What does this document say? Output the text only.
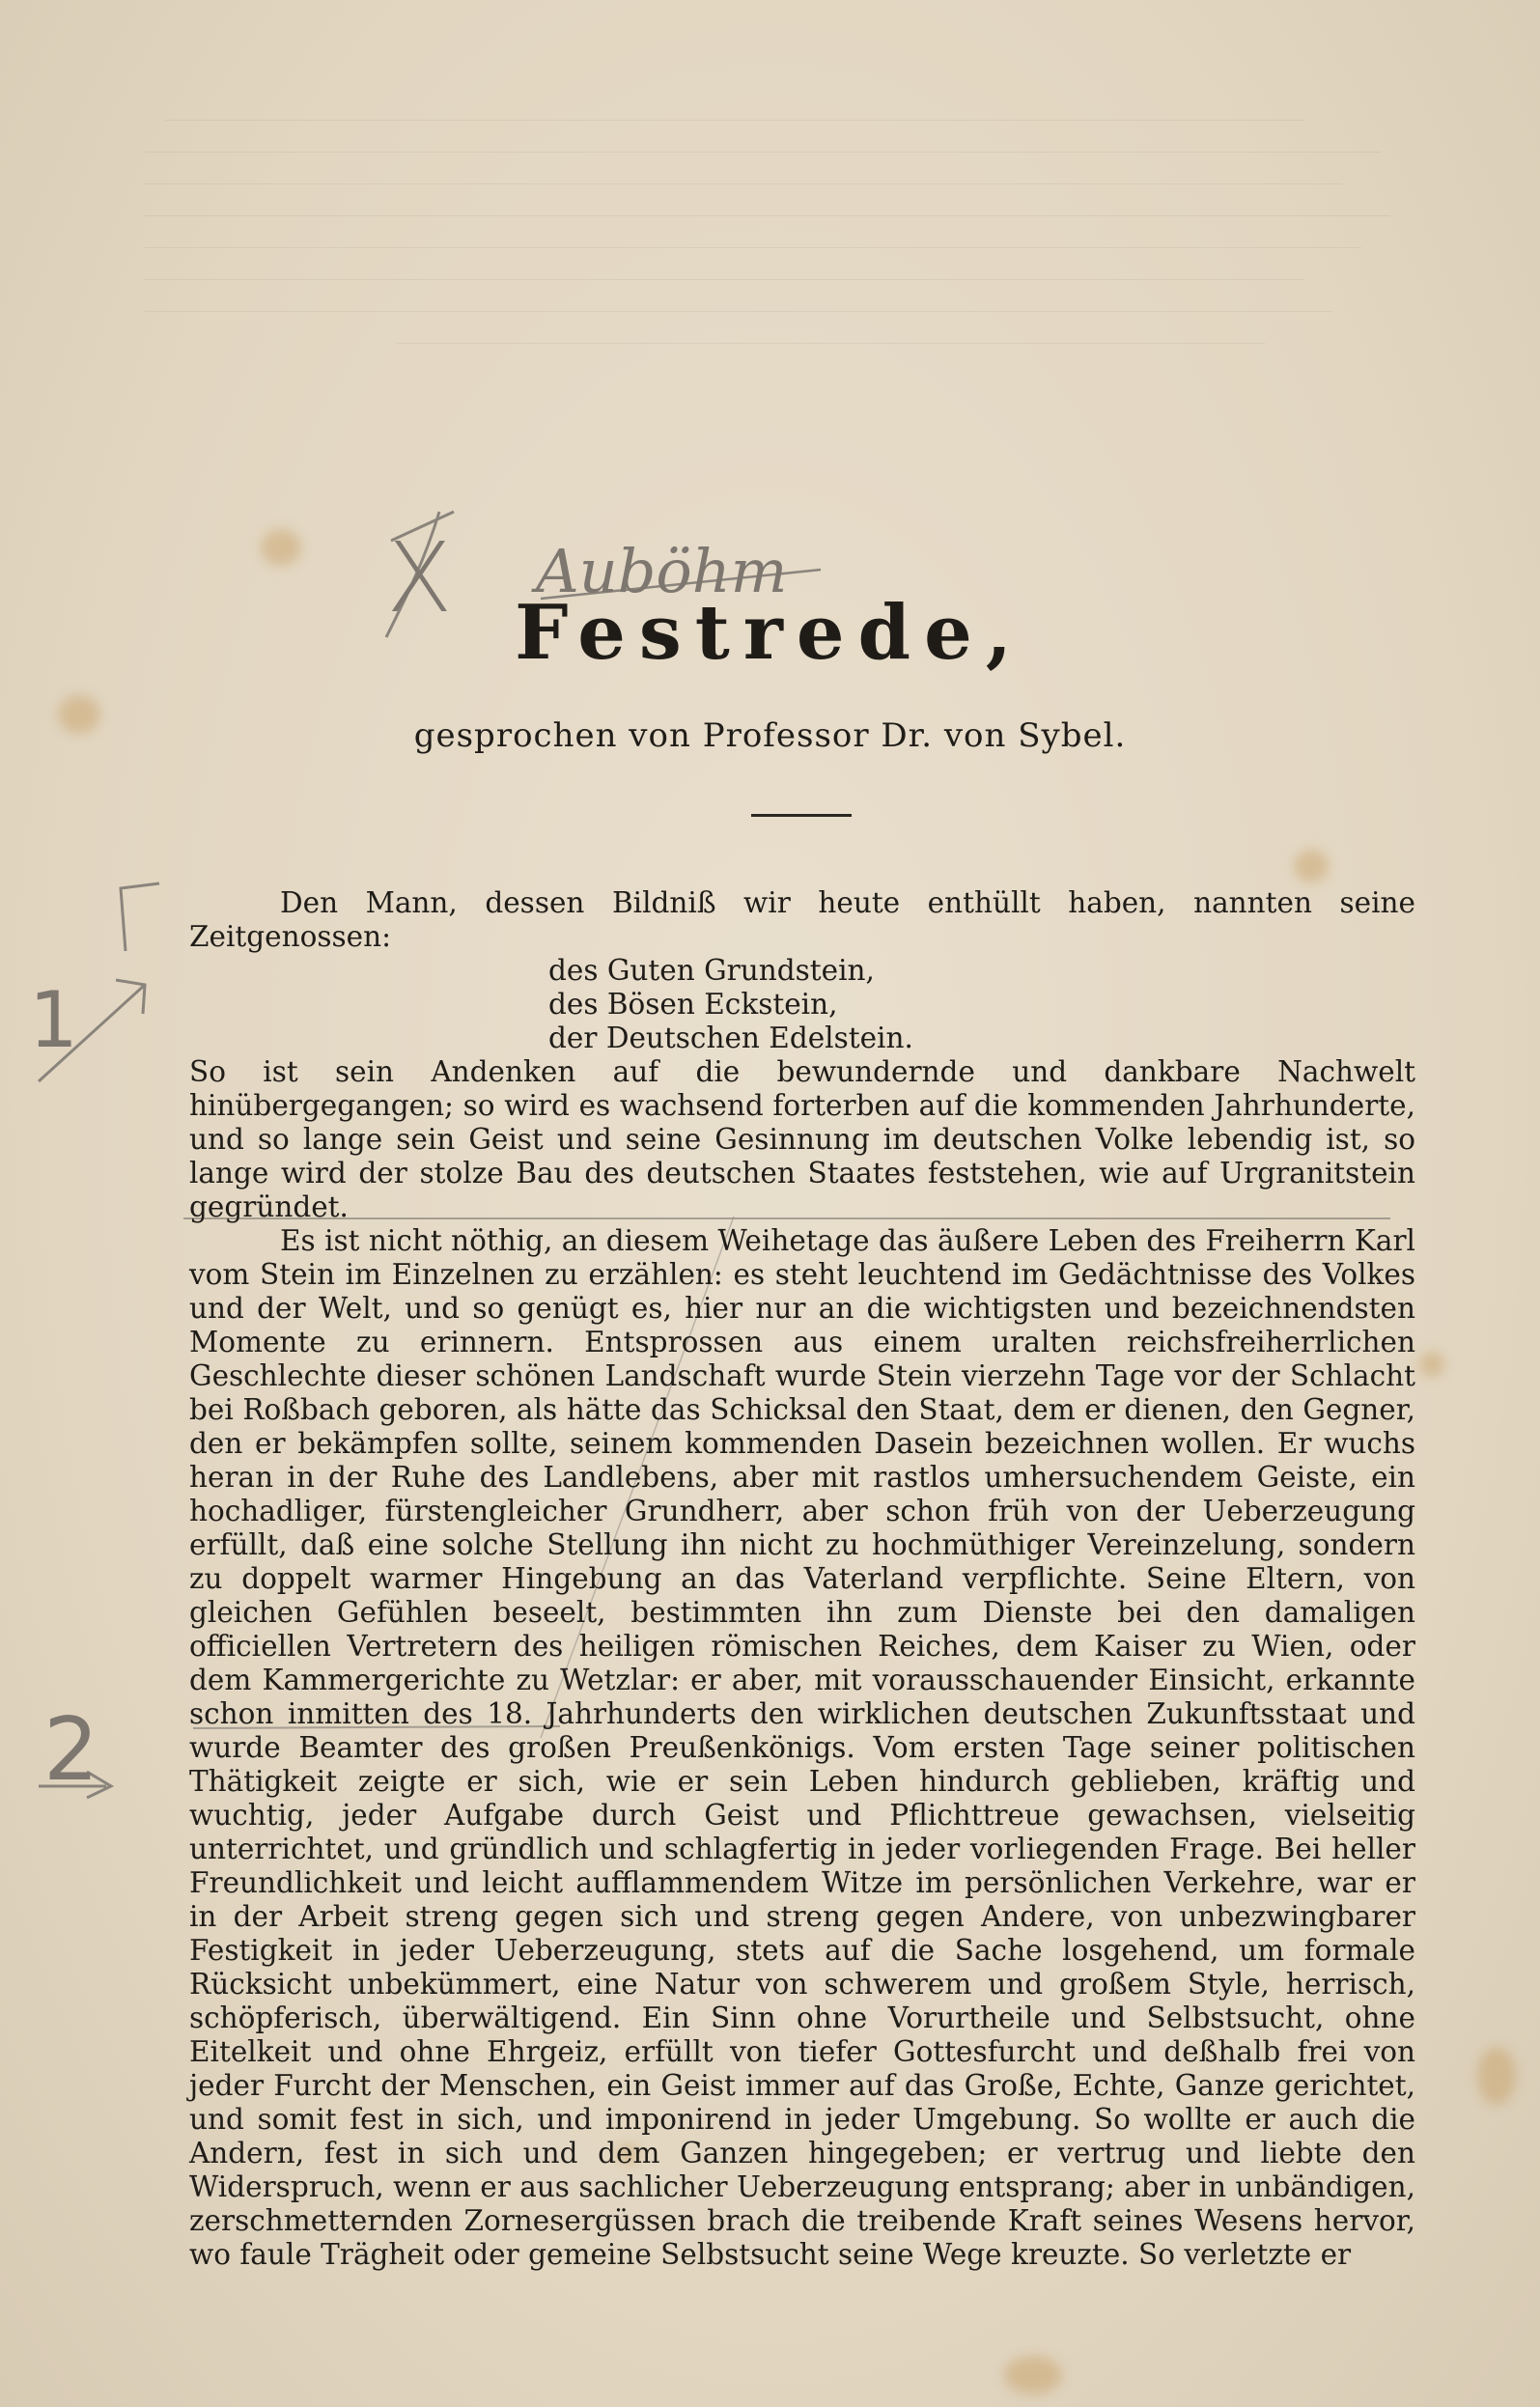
X Auböhm
1
2
Festrede,
gesprochen von Professor Dr. von Sybel.

Den Mann, dessen Bildniß wir heute enthüllt haben, nannten seine Zeitgenossen:

des Guten Grundstein,

des Bösen Eckstein,

der Deutschen Edelstein.

So ist sein Andenken auf die bewundernde und dankbare Nachwelt hinübergegangen; so wird es wachsend forterben auf die kommenden Jahrhunderte, und so lange sein Geist und seine Gesinnung im deutschen Volke lebendig ist, so lange wird der stolze Bau des deutschen Staates feststehen, wie auf Urgranitstein gegründet.

Es ist nicht nöthig, an diesem Weihetage das äußere Leben des Freiherrn Karl vom Stein im Einzelnen zu erzählen: es steht leuchtend im Gedächtnisse des Volkes und der Welt, und so genügt es, hier nur an die wichtigsten und bezeichnendsten Momente zu erinnern. Entsprossen aus einem uralten reichsfreiherrlichen Geschlechte dieser schönen Landschaft wurde Stein vierzehn Tage vor der Schlacht bei Roßbach geboren, als hätte das Schicksal den Staat, dem er dienen, den Gegner, den er bekämpfen sollte, seinem kommenden Dasein bezeichnen wollen. Er wuchs heran in der Ruhe des Landlebens, aber mit rastlos umhersuchendem Geiste, ein hochadliger, fürstengleicher Grundherr, aber schon früh von der Ueberzeugung erfüllt, daß eine solche Stellung ihn nicht zu hochmüthiger Vereinzelung, sondern zu doppelt warmer Hingebung an das Vaterland verpflichte. Seine Eltern, von gleichen Gefühlen beseelt, bestimmten ihn zum Dienste bei den damaligen officiellen Vertretern des heiligen römischen Reiches, dem Kaiser zu Wien, oder dem Kammergerichte zu Wetzlar: er aber, mit vorausschauender Einsicht, erkannte schon inmitten des 18. Jahrhunderts den wirklichen deutschen Zukunftsstaat und wurde Beamter des großen Preußenkönigs. Vom ersten Tage seiner politischen Thätigkeit zeigte er sich, wie er sein Leben hindurch geblieben, kräftig und wuchtig, jeder Aufgabe durch Geist und Pflichttreue gewachsen, vielseitig unterrichtet, und gründlich und schlagfertig in jeder vorliegenden Frage. Bei heller Freundlichkeit und leicht aufflammendem Witze im persönlichen Verkehre, war er in der Arbeit streng gegen sich und streng gegen Andere, von unbezwingbarer Festigkeit in jeder Ueberzeugung, stets auf die Sache losgehend, um formale Rücksicht unbekümmert, eine Natur von schwerem und großem Style, herrisch, schöpferisch, überwältigend. Ein Sinn ohne Vorurtheile und Selbstsucht, ohne Eitelkeit und ohne Ehrgeiz, erfüllt von tiefer Gottesfurcht und deßhalb frei von jeder Furcht der Menschen, ein Geist immer auf das Große, Echte, Ganze gerichtet, und somit fest in sich, und imponirend in jeder Umgebung. So wollte er auch die Andern, fest in sich und dem Ganzen hingegeben; er vertrug und liebte den Widerspruch, wenn er aus sachlicher Ueberzeugung entsprang; aber in unbändigen, zerschmetternden Zornesergüssen brach die treibende Kraft seines Wesens hervor, wo faule Trägheit oder gemeine Selbstsucht seine Wege kreuzte. So verletzte er
